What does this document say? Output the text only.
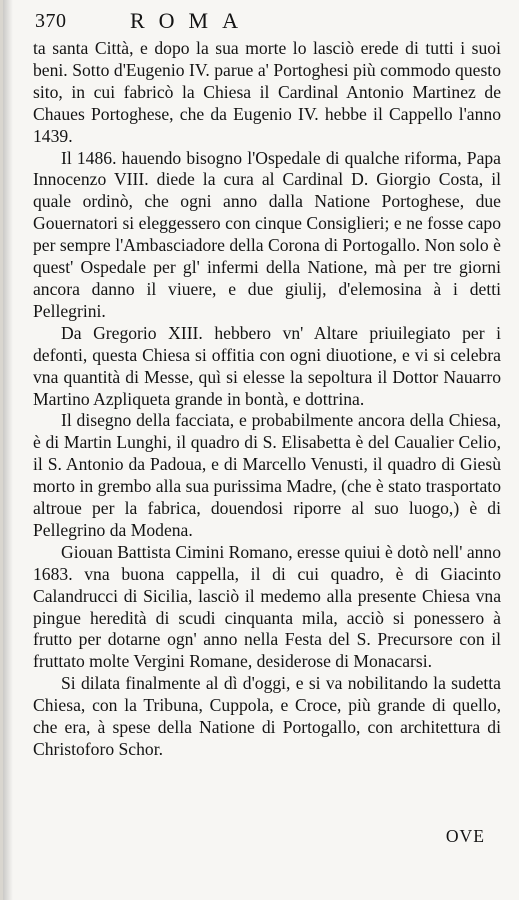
370	ROMA

ta santa Città, e dopo la sua morte lo lasciò erede di tutti i suoi beni. Sotto d'Eugenio IV. parue a' Portoghesi più commodo questo sito, in cui fabricò la Chiesa il Cardinal Antonio Martinez de Chaues Portoghese, che da Eugenio IV. hebbe il Cappello l'anno 1439.

Il 1486. hauendo bisogno l'Ospedale di qualche riforma, Papa Innocenzo VIII. diede la cura al Cardinal D. Giorgio Costa, il quale ordinò, che ogni anno dalla Natione Portoghese, due Gouernatori si eleggessero con cinque Consiglieri; e ne fosse capo per sempre l'Ambasciadore della Corona di Portogallo. Non solo è quest' Ospedale per gl' infermi della Natione, mà per tre giorni ancora danno il viuere, e due giulij, d'elemosina à i detti Pellegrini.

Da Gregorio XIII. hebbero vn' Altare priuilegiato per i defonti, questa Chiesa si offitia con ogni diuotione, e vi si celebra vna quantità di Messe, quì si elesse la sepoltura il Dottor Nauarro Martino Azpliqueta grande in bontà, e dottrina.

Il disegno della facciata, e probabilmente ancora della Chiesa, è di Martin Lunghi, il quadro di S. Elisabetta è del Caualier Celio, il S. Antonio da Padoua, e di Marcello Venusti, il quadro di Giesù morto in grembo alla sua purissima Madre, (che è stato trasportato altroue per la fabrica, douendosi riporre al suo luogo,) è di Pellegrino da Modena.

Giouan Battista Cimini Romano, eresse quiui è dotò nell' anno 1683. vna buona cappella, il di cui quadro, è di Giacinto Calandrucci di Sicilia, lasciò il medemo alla presente Chiesa vna pingue heredità di scudi cinquanta mila, acciò si ponessero à frutto per dotarne ogn' anno nella Festa del S. Precursore con il fruttato molte Vergini Romane, desiderose di Monacarsi.

Si dilata finalmente al dì d'oggi, e si va nobilitando la sudetta Chiesa, con la Tribuna, Cuppola, e Croce, più grande di quello, che era, à spese della Natione di Portogallo, con architettura di Christoforo Schor.

OVE
